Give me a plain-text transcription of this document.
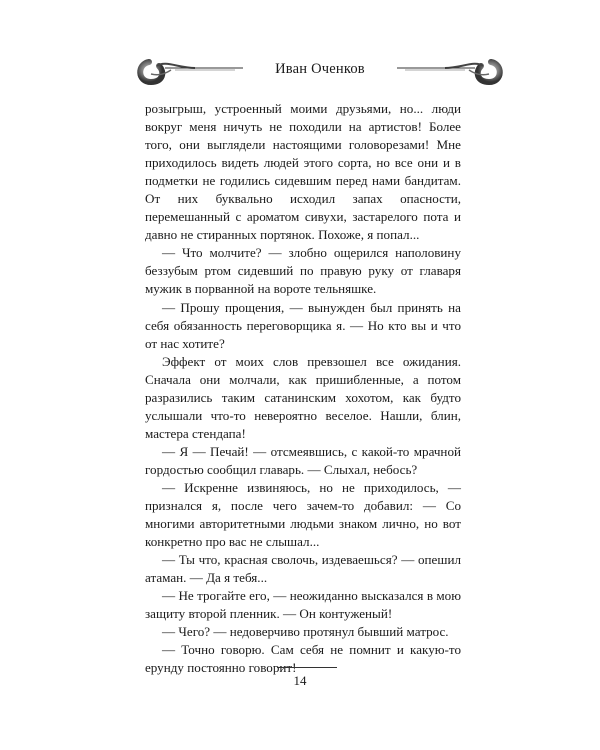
Иван Оченков

розыгрыш, устроенный моими друзьями, но... люди вокруг меня ничуть не походили на артистов! Более того, они выглядели настоящими головорезами! Мне приходилось видеть людей этого сорта, но все они и в подметки не годились сидевшим перед нами бандитам. От них буквально исходил запах опасности, перемешанный с ароматом сивухи, застарелого пота и давно не стиранных портянок. Похоже, я попал...

— Что молчите? — злобно ощерился наполовину беззубым ртом сидевший по правую руку от главаря мужик в порванной на вороте тельняшке.

— Прошу прощения, — вынужден был принять на себя обязанность переговорщика я. — Но кто вы и что от нас хотите?

Эффект от моих слов превзошел все ожидания. Сначала они молчали, как пришибленные, а потом разразились таким сатанинским хохотом, как будто услышали что-то невероятно веселое. Нашли, блин, мастера стендапа!

— Я — Печай! — отсмеявшись, с какой-то мрачной гордостью сообщил главарь. — Слыхал, небось?

— Искренне извиняюсь, но не приходилось, — признался я, после чего зачем-то добавил: — Со многими авторитетными людьми знаком лично, но вот конкретно про вас не слышал...

— Ты что, красная сволочь, издеваешься? — опешил атаман. — Да я тебя...

— Не трогайте его, — неожиданно высказался в мою защиту второй пленник. — Он контуженый!

— Чего? — недоверчиво протянул бывший матрос.

— Точно говорю. Сам себя не помнит и какую-то ерунду постоянно говорит!

14
